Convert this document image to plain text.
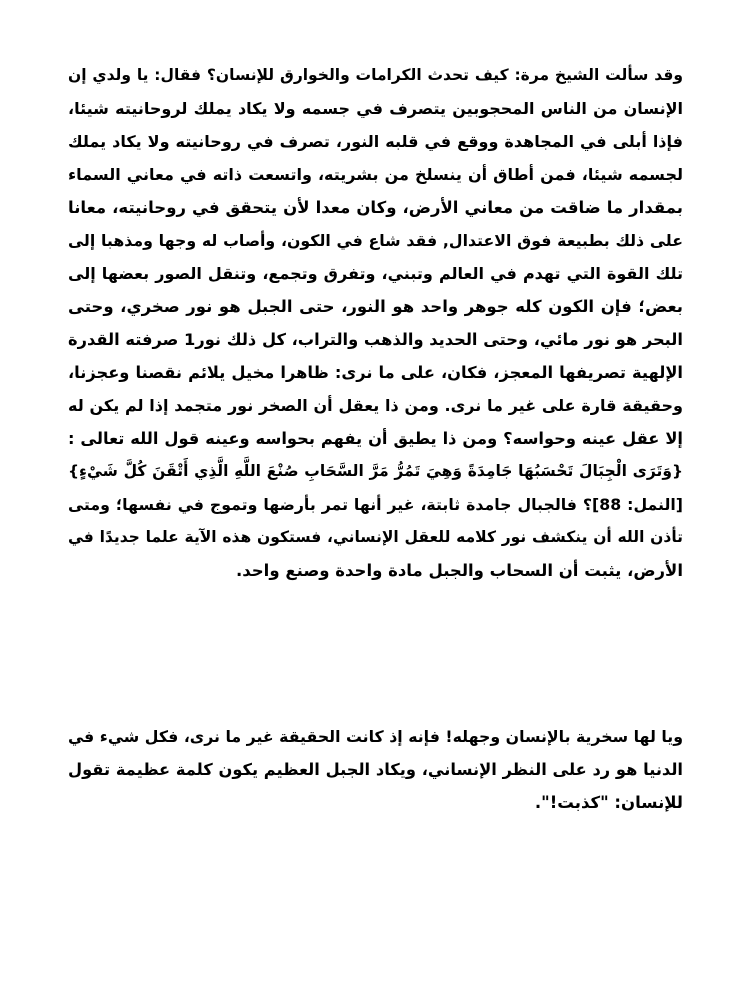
وقد سألت الشيخ مرة: كيف تحدث الكرامات والخوارق للإنسان؟ فقال: يا ولدي إن
الإنسان من الناس المحجوبين يتصرف في جسمه ولا يكاد يملك لروحانيته شيئا،
فإذا أبلى في المجاهدة ووقع في قلبه النور، تصرف في روحانيته ولا يكاد يملك
لجسمه شيئا، فمن أطاق أن ينسلخ من بشريته، واتسعت ذاته في معاني السماء
بمقدار ما ضاقت من معاني الأرض، وكان معدا لأن يتحقق في روحانيته، معانا
على ذلك بطبيعة فوق الاعتدال, فقد شاع في الكون، وأصاب له وجها ومذهبا إلى
تلك القوة التي تهدم في العالم وتبني، وتفرق وتجمع، وتنقل الصور بعضها إلى
بعض؛ فإن الكون كله جوهر واحد هو النور، حتى الجبل هو نور صخري، وحتى
البحر هو نور مائي، وحتى الحديد والذهب والتراب، كل ذلك نور1 صرفته القدرة
الإلهية تصريفها المعجز، فكان، على ما نرى: ظاهرا مخيل يلائم نقصنا وعجزنا،
وحقيقة قارة على غير ما نرى. ومن ذا يعقل أن الصخر نور متجمد إذا لم يكن له
إلا عقل عينه وحواسه؟ ومن ذا يطيق أن يفهم بحواسه وعينه قول الله تعالى :
{وَتَرَى الْجِبَالَ تَحْسَبُهَا جَامِدَةً وَهِيَ تَمُرُّ مَرَّ السَّحَابِ صُنْعَ اللَّهِ الَّذِي أَتْقَنَ كُلَّ شَيْءٍ}
[النمل: 88]؟ فالجبال جامدة ثابتة، غير أنها تمر بأرضها وتموج في نفسها؛ ومتى
تأذن الله أن ينكشف نور كلامه للعقل الإنساني، فستكون هذه الآية علما جديدًا في
الأرض، يثبت أن السحاب والجبل مادة واحدة وصنع واحد.
ويا لها سخرية بالإنسان وجهله! فإنه إذ كانت الحقيقة غير ما نرى، فكل شيء في
الدنيا هو رد على النظر الإنساني، ويكاد الجبل العظيم يكون كلمة عظيمة تقول
للإنسان: "كذبت!".
